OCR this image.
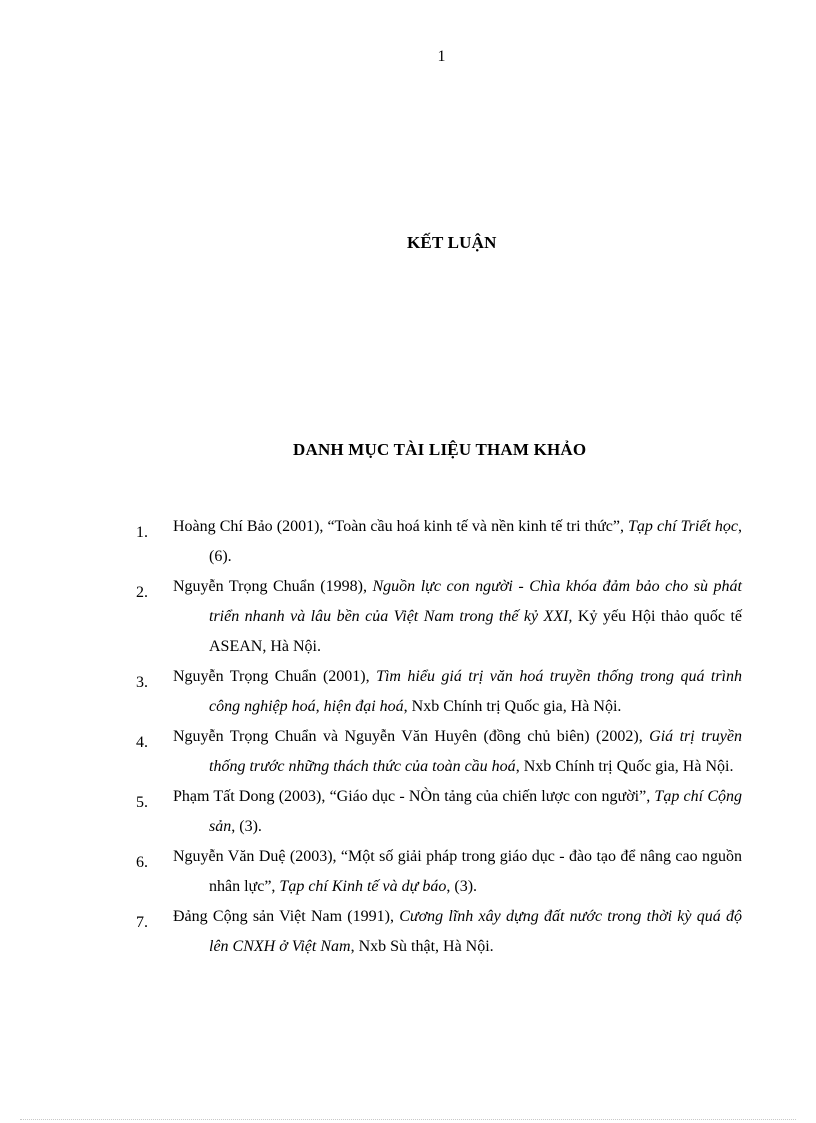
1
KẾT LUẬN
DANH MỤC TÀI LIỆU THAM KHẢO
1.	Hoàng Chí Bảo (2001), “Toàn cầu hoá kinh tế và nền kinh tế tri thức”, Tạp chí Triết học, (6).
2.	Nguyễn Trọng Chuẩn (1998), Nguồn lực con người - Chìa khóa đảm bảo cho sù phát triển nhanh và lâu bền của Việt Nam trong thế kỷ XXI, Kỷ yếu Hội thảo quốc tế ASEAN, Hà Nội.
3.	Nguyễn Trọng Chuẩn (2001), Tìm hiểu giá trị văn hoá truyền thống trong quá trình công nghiệp hoá, hiện đại hoá, Nxb Chính trị Quốc gia, Hà Nội.
4.	Nguyễn Trọng Chuẩn và Nguyễn Văn Huyên (đồng chủ biên) (2002), Giá trị truyền thống trước những thách thức của toàn cầu hoá, Nxb Chính trị Quốc gia, Hà Nội.
5.	Phạm Tất Dong (2003), “Giáo dục - NÒn tảng của chiến lược con người”, Tạp chí Cộng sản, (3).
6.	Nguyễn Văn Duệ (2003), “Một số giải pháp trong giáo dục - đào tạo để nâng cao nguồn nhân lực”, Tạp chí Kinh tế và dự báo, (3).
7.	Đảng Cộng sản Việt Nam (1991), Cương lĩnh xây dựng đất nước trong thời kỳ quá độ lên CNXH ở Việt Nam, Nxb Sù thật, Hà Nội.
